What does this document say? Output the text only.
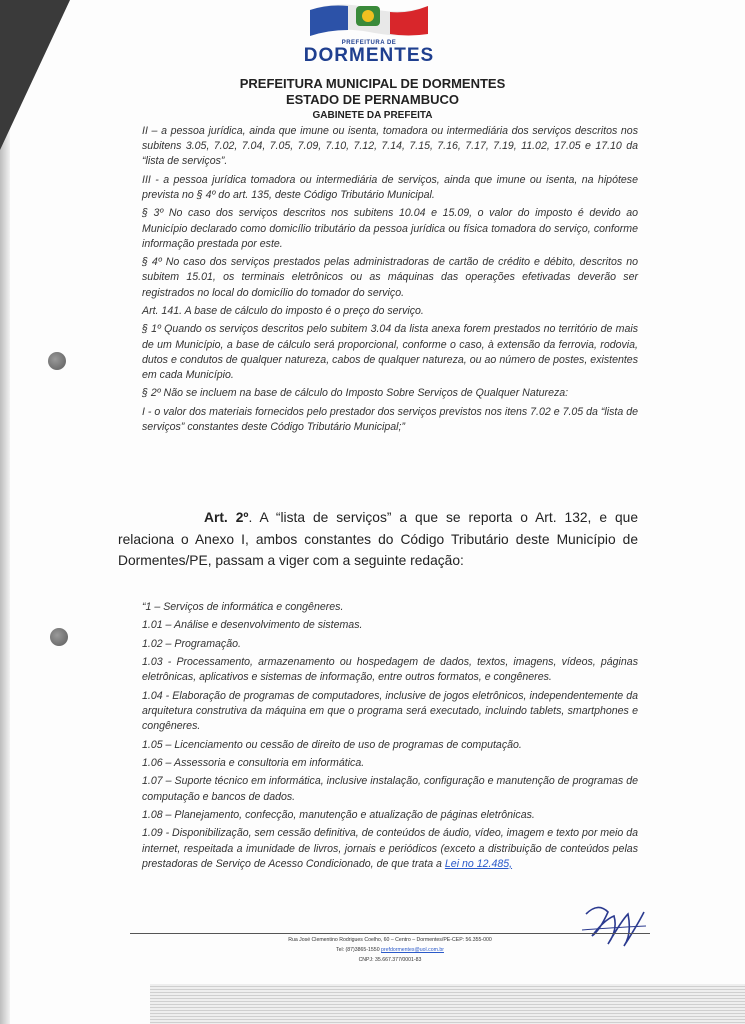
PREFEITURA DE
DORMENTES
PREFEITURA MUNICIPAL DE DORMENTES
ESTADO DE PERNAMBUCO
GABINETE DA PREFEITA

II – a pessoa jurídica, ainda que imune ou isenta, tomadora ou intermediária dos serviços descritos nos subitens 3.05, 7.02, 7.04, 7.05, 7.09, 7.10, 7.12, 7.14, 7.15, 7.16, 7.17, 7.19, 11.02, 17.05 e 17.10 da “lista de serviços”.

III - a pessoa jurídica tomadora ou intermediária de serviços, ainda que imune ou isenta, na hipótese prevista no § 4º do art. 135, deste Código Tributário Municipal.

§ 3º No caso dos serviços descritos nos subitens 10.04 e 15.09, o valor do imposto é devido ao Município declarado como domicílio tributário da pessoa jurídica ou física tomadora do serviço, conforme informação prestada por este.

§ 4º No caso dos serviços prestados pelas administradoras de cartão de crédito e débito, descritos no subitem 15.01, os terminais eletrônicos ou as máquinas das operações efetivadas deverão ser registrados no local do domicílio do tomador do serviço.

Art. 141. A base de cálculo do imposto é o preço do serviço.

§ 1º Quando os serviços descritos pelo subitem 3.04 da lista anexa forem prestados no território de mais de um Município, a base de cálculo será proporcional, conforme o caso, à extensão da ferrovia, rodovia, dutos e condutos de qualquer natureza, cabos de qualquer natureza, ou ao número de postes, existentes em cada Município.

§ 2º Não se incluem na base de cálculo do Imposto Sobre Serviços de Qualquer Natureza:

I - o valor dos materiais fornecidos pelo prestador dos serviços previstos nos itens 7.02 e 7.05 da “lista de serviços” constantes deste Código Tributário Municipal;”

Art. 2º. A “lista de serviços” a que se reporta o Art. 132, e que relaciona o Anexo I, ambos constantes do Código Tributário deste Município de Dormentes/PE, passam a viger com a seguinte redação:

“1 – Serviços de informática e congêneres.

1.01 – Análise e desenvolvimento de sistemas.

1.02 – Programação.

1.03 - Processamento, armazenamento ou hospedagem de dados, textos, imagens, vídeos, páginas eletrônicas, aplicativos e sistemas de informação, entre outros formatos, e congêneres.

1.04 - Elaboração de programas de computadores, inclusive de jogos eletrônicos, independentemente da arquitetura construtiva da máquina em que o programa será executado, incluindo tablets, smartphones e congêneres.

1.05 – Licenciamento ou cessão de direito de uso de programas de computação.

1.06 – Assessoria e consultoria em informática.

1.07 – Suporte técnico em informática, inclusive instalação, configuração e manutenção de programas de computação e bancos de dados.

1.08 – Planejamento, confecção, manutenção e atualização de páginas eletrônicas.

1.09 - Disponibilização, sem cessão definitiva, de conteúdos de áudio, vídeo, imagem e texto por meio da internet, respeitada a imunidade de livros, jornais e periódicos (exceto a distribuição de conteúdos pelas prestadoras de Serviço de Acesso Condicionado, de que trata a Lei no 12.485,

Rua José Clementino Rodrigues Coelho, 60 – Centro – Dormentes/PE-CEP: 56.355-000
Tel: (87)3865-1550 prefdormentes@uol.com.br
CNPJ: 35.667.377/0001-83
